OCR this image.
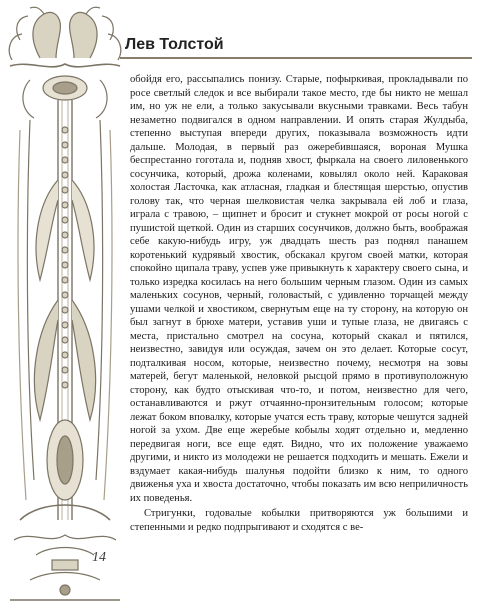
Лев Толстой

обойдя его, рассыпались понизу. Старые, пофыркивая, прокладывали по росе светлый следок и все выбирали такое место, где бы никто не мешал им, но уж не ели, а только закусывали вкусными травками. Весь табун незаметно подвигался в одном направлении. И опять старая Жулдыба, степенно выступая впереди других, показывала возможность идти дальше. Молодая, в первый раз ожеребившаяся, вороная Мушка беспрестанно гоготала и, подняв хвост, фыркала на своего лиловенького сосунчика, который, дрожа коленами, ковылял около ней. Караковая холостая Ласточка, как атласная, гладкая и блестящая шерстью, опустив голову так, что черная шелковистая челка закрывала ей лоб и глаза, играла с травою, – щипнет и бросит и стукнет мокрой от росы ногой с пушистой щеткой. Один из старших сосунчиков, должно быть, воображая себе какую-нибудь игру, уж двадцать шесть раз поднял панашем коротенький кудрявый хвостик, обскакал кругом своей матки, которая спокойно щипала траву, успев уже привыкнуть к характеру своего сына, и только изредка косилась на него большим черным глазом. Один из самых маленьких сосунов, черный, головастый, с удивленно торчащей между ушами челкой и хвостиком, свернутым еще на ту сторону, на которую он был загнут в брюхе матери, уставив уши и тупые глаза, не двигаясь с места, пристально смотрел на сосуна, который скакал и пятился, неизвестно, завидуя или осуждая, зачем он это делает. Которые сосут, подталкивая носом, которые, неизвестно почему, несмотря на зовы матерей, бегут маленькой, неловкой рысцой прямо в противуположную сторону, как будто отыскивая что-то, и потом, неизвестно для чего, останавливаются и ржут отчаянно-пронзительным голосом; которые лежат боком вповалку, которые учатся есть траву, которые чешутся задней ногой за ухом. Две еще жеребые кобылы ходят отдельно и, медленно передвигая ноги, все еще едят. Видно, что их положение уважаемо другими, и никто из молодежи не решается подходить и мешать. Ежели и вздумает какая-нибудь шалунья подойти близко к ним, то одного движенья уха и хвоста достаточно, чтобы показать им всю неприличность их поведенья.

Стригунки, годовалые кобылки притворяются уж большими и степенными и редко подпрыгивают и сходятся с ве-

14
